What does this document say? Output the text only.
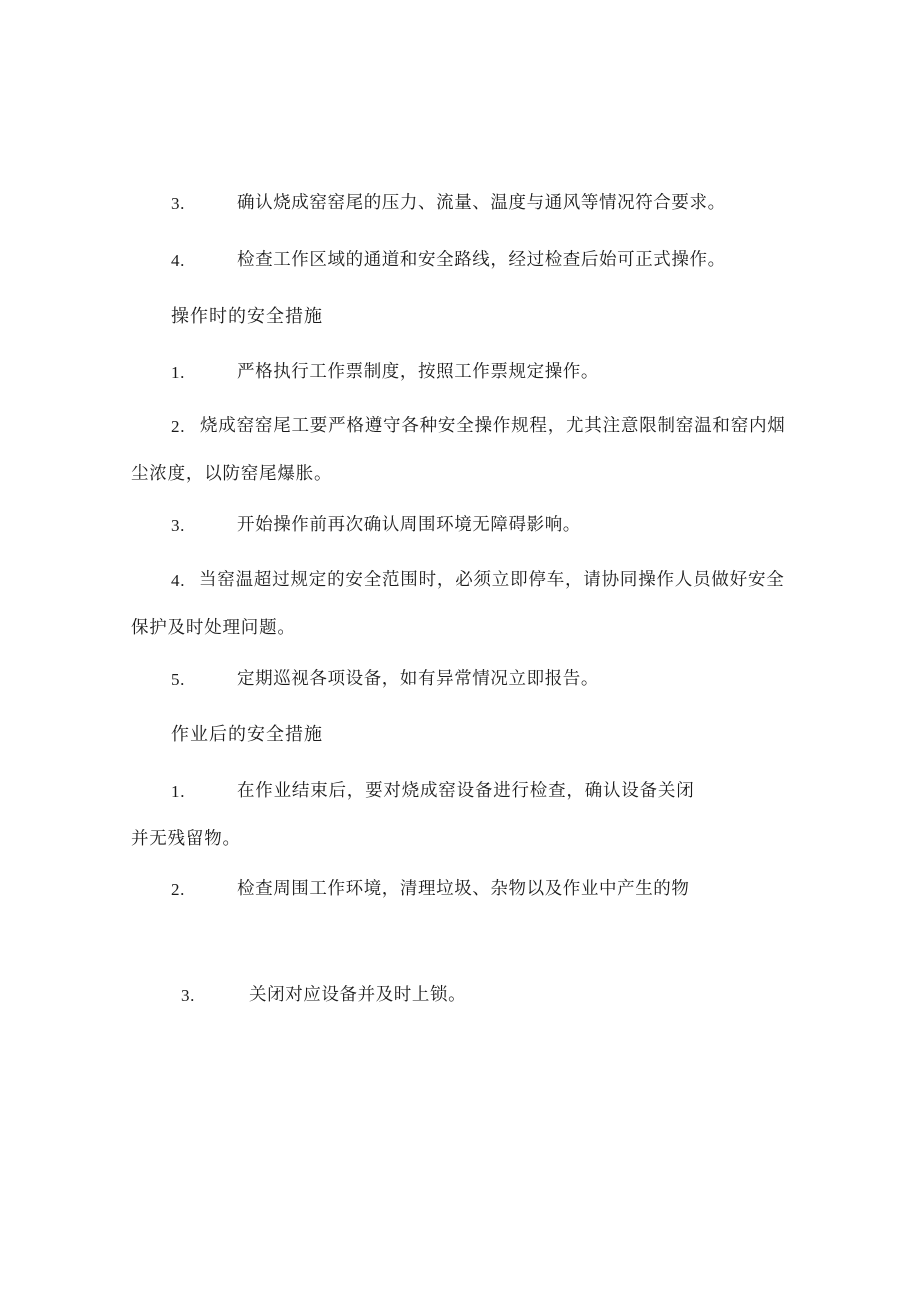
3.	确认烧成窑窑尾的压力、流量、温度与通风等情况符合要求。
4.	检查工作区域的通道和安全路线，经过检查后始可正式操作。
操作时的安全措施
1.	严格执行工作票制度，按照工作票规定操作。
2. 烧成窑窑尾工要严格遵守各种安全操作规程，尤其注意限制窑温和窑内烟
尘浓度，以防窑尾爆胀。
3.	开始操作前再次确认周围环境无障碍影响。
4. 当窑温超过规定的安全范围时，必须立即停车，请协同操作人员做好安全
保护及时处理问题。
5.	定期巡视各项设备，如有异常情况立即报告。
作业后的安全措施
1.	在作业结束后，要对烧成窑设备进行检查，确认设备关闭
并无残留物。
2.	检查周围工作环境，清理垃圾、杂物以及作业中产生的物
3.	关闭对应设备并及时上锁。
